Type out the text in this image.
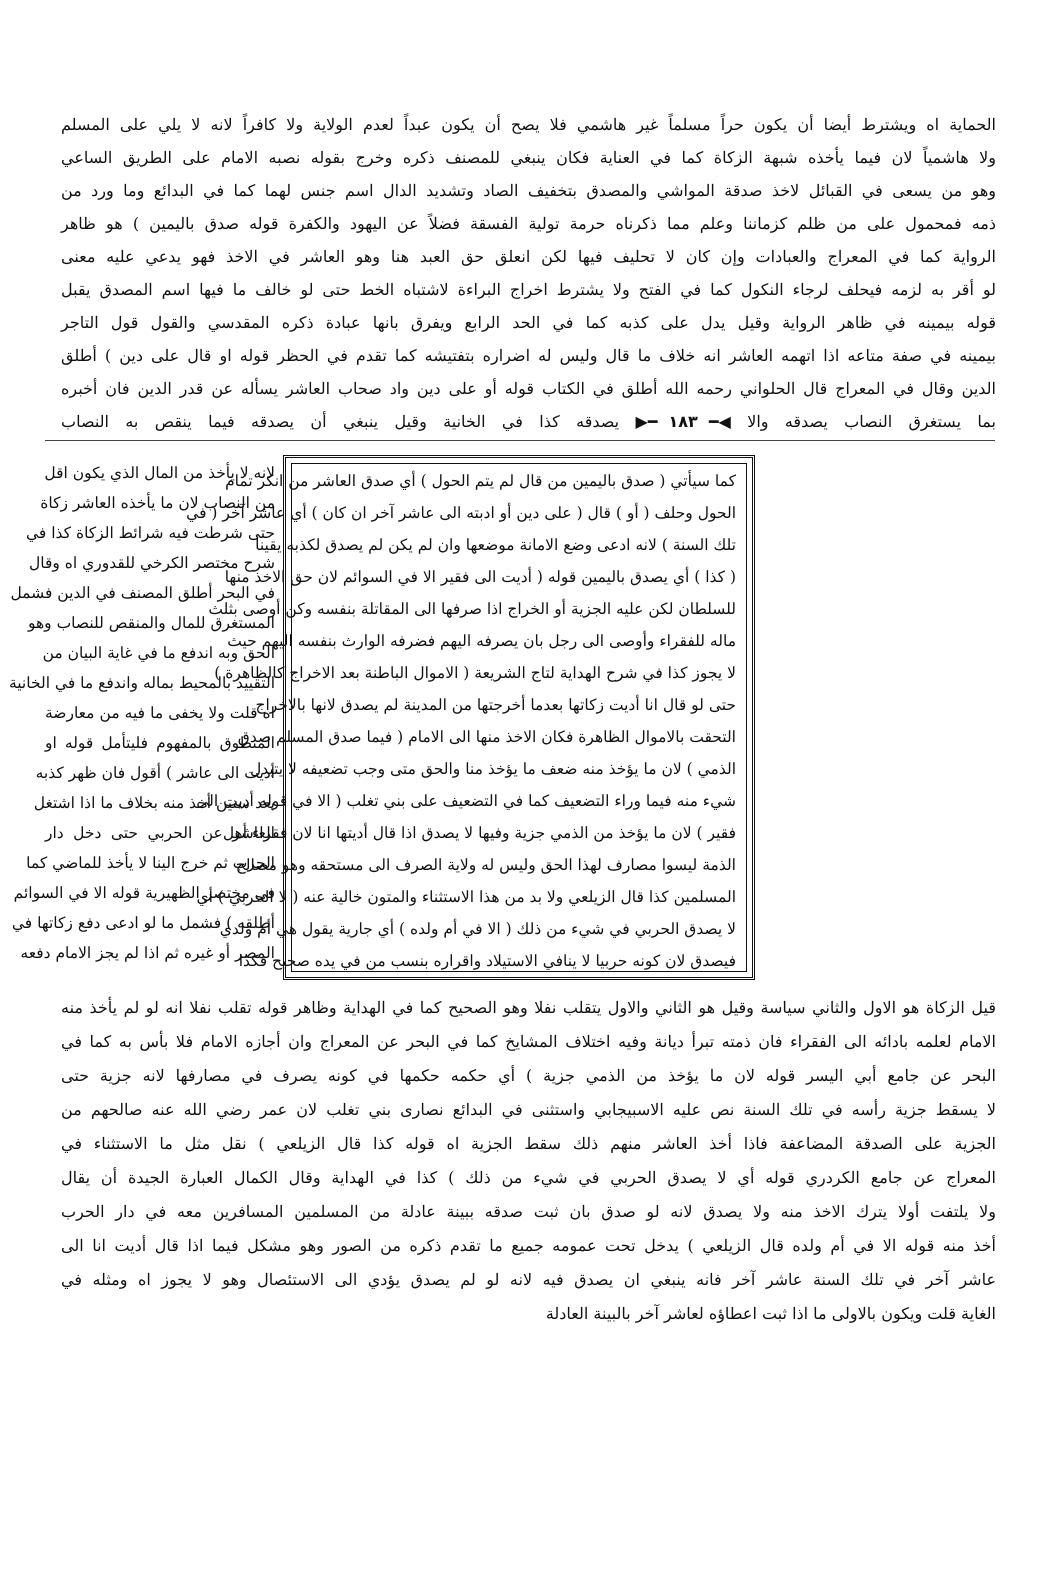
الحماية اه ويشترط أيضا أن يكون حراً مسلماً غير هاشمي فلا يصح أن يكون عبداً لعدم الولاية ولا كافراً لانه لا يلي على المسلم
ولا هاشمياً لان فيما يأخذه شبهة الزكاة كما في العناية فكان ينبغي للمصنف ذكره وخرج بقوله نصبه الامام على الطريق الساعي
وهو من يسعى في القبائل لاخذ صدقة المواشي والمصدق بتخفيف الصاد وتشديد الدال اسم جنس لهما كما في البدائع وما ورد من
ذمه فمحمول على من ظلم كزماننا وعلم مما ذكرناه حرمة تولية الفسقة فضلاً عن اليهود والكفرة قوله صدق باليمين ) هو ظاهر
الرواية كما في المعراج والعبادات وإن كان لا تحليف فيها لكن انعلق حق العبد هنا وهو العاشر في الاخذ فهو يدعي عليه معنى
لو أقر به لزمه فيحلف لرجاء النكول كما في الفتح ولا يشترط اخراج البراءة لاشتباه الخط حتى لو خالف ما فيها اسم المصدق يقبل
قوله بيمينه في ظاهر الرواية وقيل يدل على كذبه كما في الحد الرابع ويفرق بانها عبادة ذكره المقدسي والقول قول التاجر
بيمينه في صفة متاعه اذا اتهمه العاشر انه خلاف ما قال وليس له اضراره بتفتيشه كما تقدم في الحظر قوله او قال على دين ) أطلق
الدين وقال في المعراج قال الحلواني رحمه الله أطلق في الكتاب قوله أو على دين واد صحاب العاشر يسأله عن قدر الدين فان أخبره
بما يستغرق النصاب يصدقه والا ◀━ ١٨٣ ━▶ يصدقه كذا في الخانية وقيل ينبغي أن يصدقه فيما ينقص به النصاب
كما سيأتي ( صدق باليمين من قال لم يتم الحول ) أي صدق العاشر من انكر تمام
الحول وحلف ( أو ) قال ( على دين أو ادبته الى عاشر آخر ان كان ) أي عاشر آخر ( في
تلك السنة ) لانه ادعى وضع الامانة موضعها وان لم يكن لم يصدق لكذبه يقينا
( كذا ) أي يصدق باليمين قوله ( أديت الى فقير الا في السوائم لان حق الاخذ منها
للسلطان لكن عليه الجزية أو الخراج اذا صرفها الى المقاتلة بنفسه وكن أوصى بثلث
ماله للفقراء وأوصى الى رجل بان يصرفه اليهم فضرفه الوارث بنفسه اليهم حيث
لا يجوز كذا في شرح الهداية لتاج الشريعة ( الاموال الباطنة بعد الاخراج كالظاهرة )
حتى لو قال انا أديت زكاتها بعدما أخرجتها من المدينة لم يصدق لانها بالاخراج
التحقت بالاموال الظاهرة فكان الاخذ منها الى الامام ( فيما صدق المسلم صدق
الذمي ) لان ما يؤخذ منه ضعف ما يؤخذ منا والحق متى وجب تضعيفه لا يتبدل
شيء منه فيما وراء التضعيف كما في التضعيف على بني تغلب ( الا في قوله أديت الى
فقير ) لان ما يؤخذ من الذمي جزية وفيها لا يصدق اذا قال أديتها انا لان فقراء أهل
الذمة ليسوا مصارف لهذا الحق وليس له ولاية الصرف الى مستحقه وهو مصالح
المسلمين كذا قال الزيلعي ولا بد من هذا الاستثناء والمتون خالية عنه ( لا الحربي ) أي
لا يصدق الحربي في شيء من ذلك ( الا في أم ولده ) أي جارية يقول هي أم ولدي
فيصدق لان كونه حربيا لا ينافي الاستيلاد واقراره بنسب من في يده صحيح فكذا
لانه لا يأخذ من المال الذي يكون اقل
من النصاب لان ما يأخذه العاشر زكاة
حتى شرطت فيه شرائط الزكاة كذا في
شرح مختصر الكرخي للقدوري اه وقال
في البحر أطلق المصنف في الدين فشمل
المستغرق للمال والمنقص للنصاب وهو
الحق وبه اندفع ما في غاية البيان من
التقييد بالمحيط بماله واندفع ما في الخانية
اه قلت ولا يخفى ما فيه من معارضة
المنطوق بالمفهوم فليتأمل قوله او
أديت الى عاشر ) أقول فان ظهر كذبه
بعد سنين أخذ منه بخلاف ما اذا اشتغل
العاشر عن الحربي حتى دخل دار
الحرب ثم خرج الينا لا يأخذ للماضي كما
في مختصر الظهيرية قوله الا في السوائم
أطلقه ) فشمل ما لو ادعى دفع زكاتها في
المصر أو غيره ثم اذا لم يجز الامام دفعه
قيل الزكاة هو الاول والثاني سياسة وقيل هو الثاني والاول يتقلب نفلا وهو الصحيح كما في الهداية وظاهر قوله تقلب نفلا انه لو لم يأخذ منه
الامام لعلمه بادائه الى الفقراء فان ذمته تبرأ ديانة وفيه اختلاف المشايخ كما في البحر عن المعراج وان أجازه الامام فلا بأس به كما في
البحر عن جامع أبي اليسر قوله لان ما يؤخذ من الذمي جزية ) أي حكمه حكمها في كونه يصرف في مصارفها لانه جزية حتى
لا يسقط جزية رأسه في تلك السنة نص عليه الاسبيجابي واستثنى في البدائع نصارى بني تغلب لان عمر رضي الله عنه صالحهم من
الجزية على الصدقة المضاعفة فاذا أخذ العاشر منهم ذلك سقط الجزية اه قوله كذا قال الزيلعي ) نقل مثل ما الاستثناء في
المعراج عن جامع الكردري قوله أي لا يصدق الحربي في شيء من ذلك ) كذا في الهداية وقال الكمال العبارة الجيدة أن يقال
ولا يلتفت أولا يترك الاخذ منه ولا يصدق لانه لو صدق بان ثبت صدقه ببينة عادلة من المسلمين المسافرين معه في دار الحرب
أخذ منه قوله الا في أم ولده قال الزيلعي ) يدخل تحت عمومه جميع ما تقدم ذكره من الصور وهو مشكل فيما اذا قال أديت انا الى
عاشر آخر في تلك السنة عاشر آخر فانه ينبغي ان يصدق فيه لانه لو لم يصدق يؤدي الى الاستئصال وهو لا يجوز اه ومثله في
الغاية قلت ويكون بالاولى ما اذا ثبت اعطاؤه لعاشر آخر بالبينة العادلة
